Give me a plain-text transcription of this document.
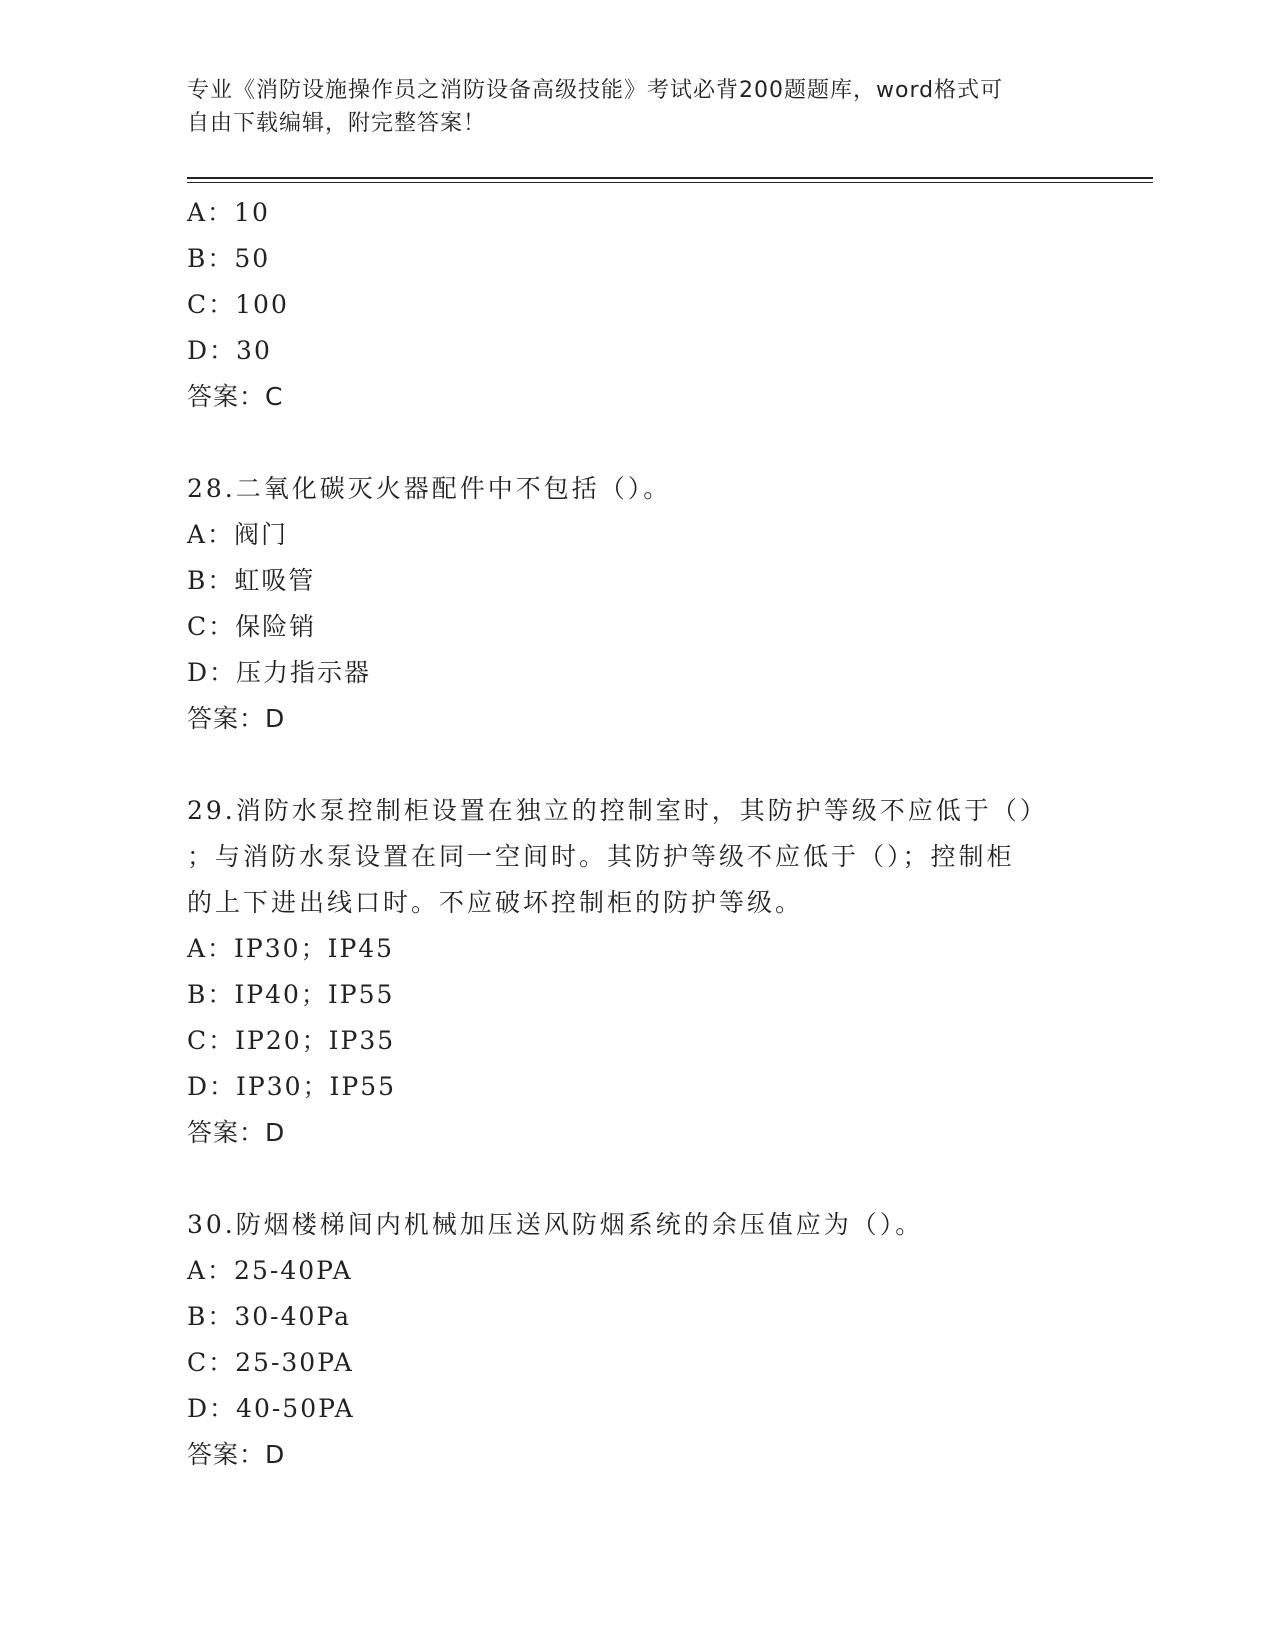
专业《消防设施操作员之消防设备高级技能》考试必背200题题库，word格式可
自由下载编辑，附完整答案！
A：10
B：50
C：100
D：30
答案：C
28.二氧化碳灭火器配件中不包括（）。
A：阀门
B：虹吸管
C：保险销
D：压力指示器
答案：D
29.消防水泵控制柜设置在独立的控制室时，其防护等级不应低于（）
；与消防水泵设置在同一空间时。其防护等级不应低于（）；控制柜
的上下进出线口时。不应破坏控制柜的防护等级。
A：IP30；IP45
B：IP40；IP55
C：IP20；IP35
D：IP30；IP55
答案：D
30.防烟楼梯间内机械加压送风防烟系统的余压值应为（）。
A：25-40PA
B：30-40Pa
C：25-30PA
D：40-50PA
答案：D
